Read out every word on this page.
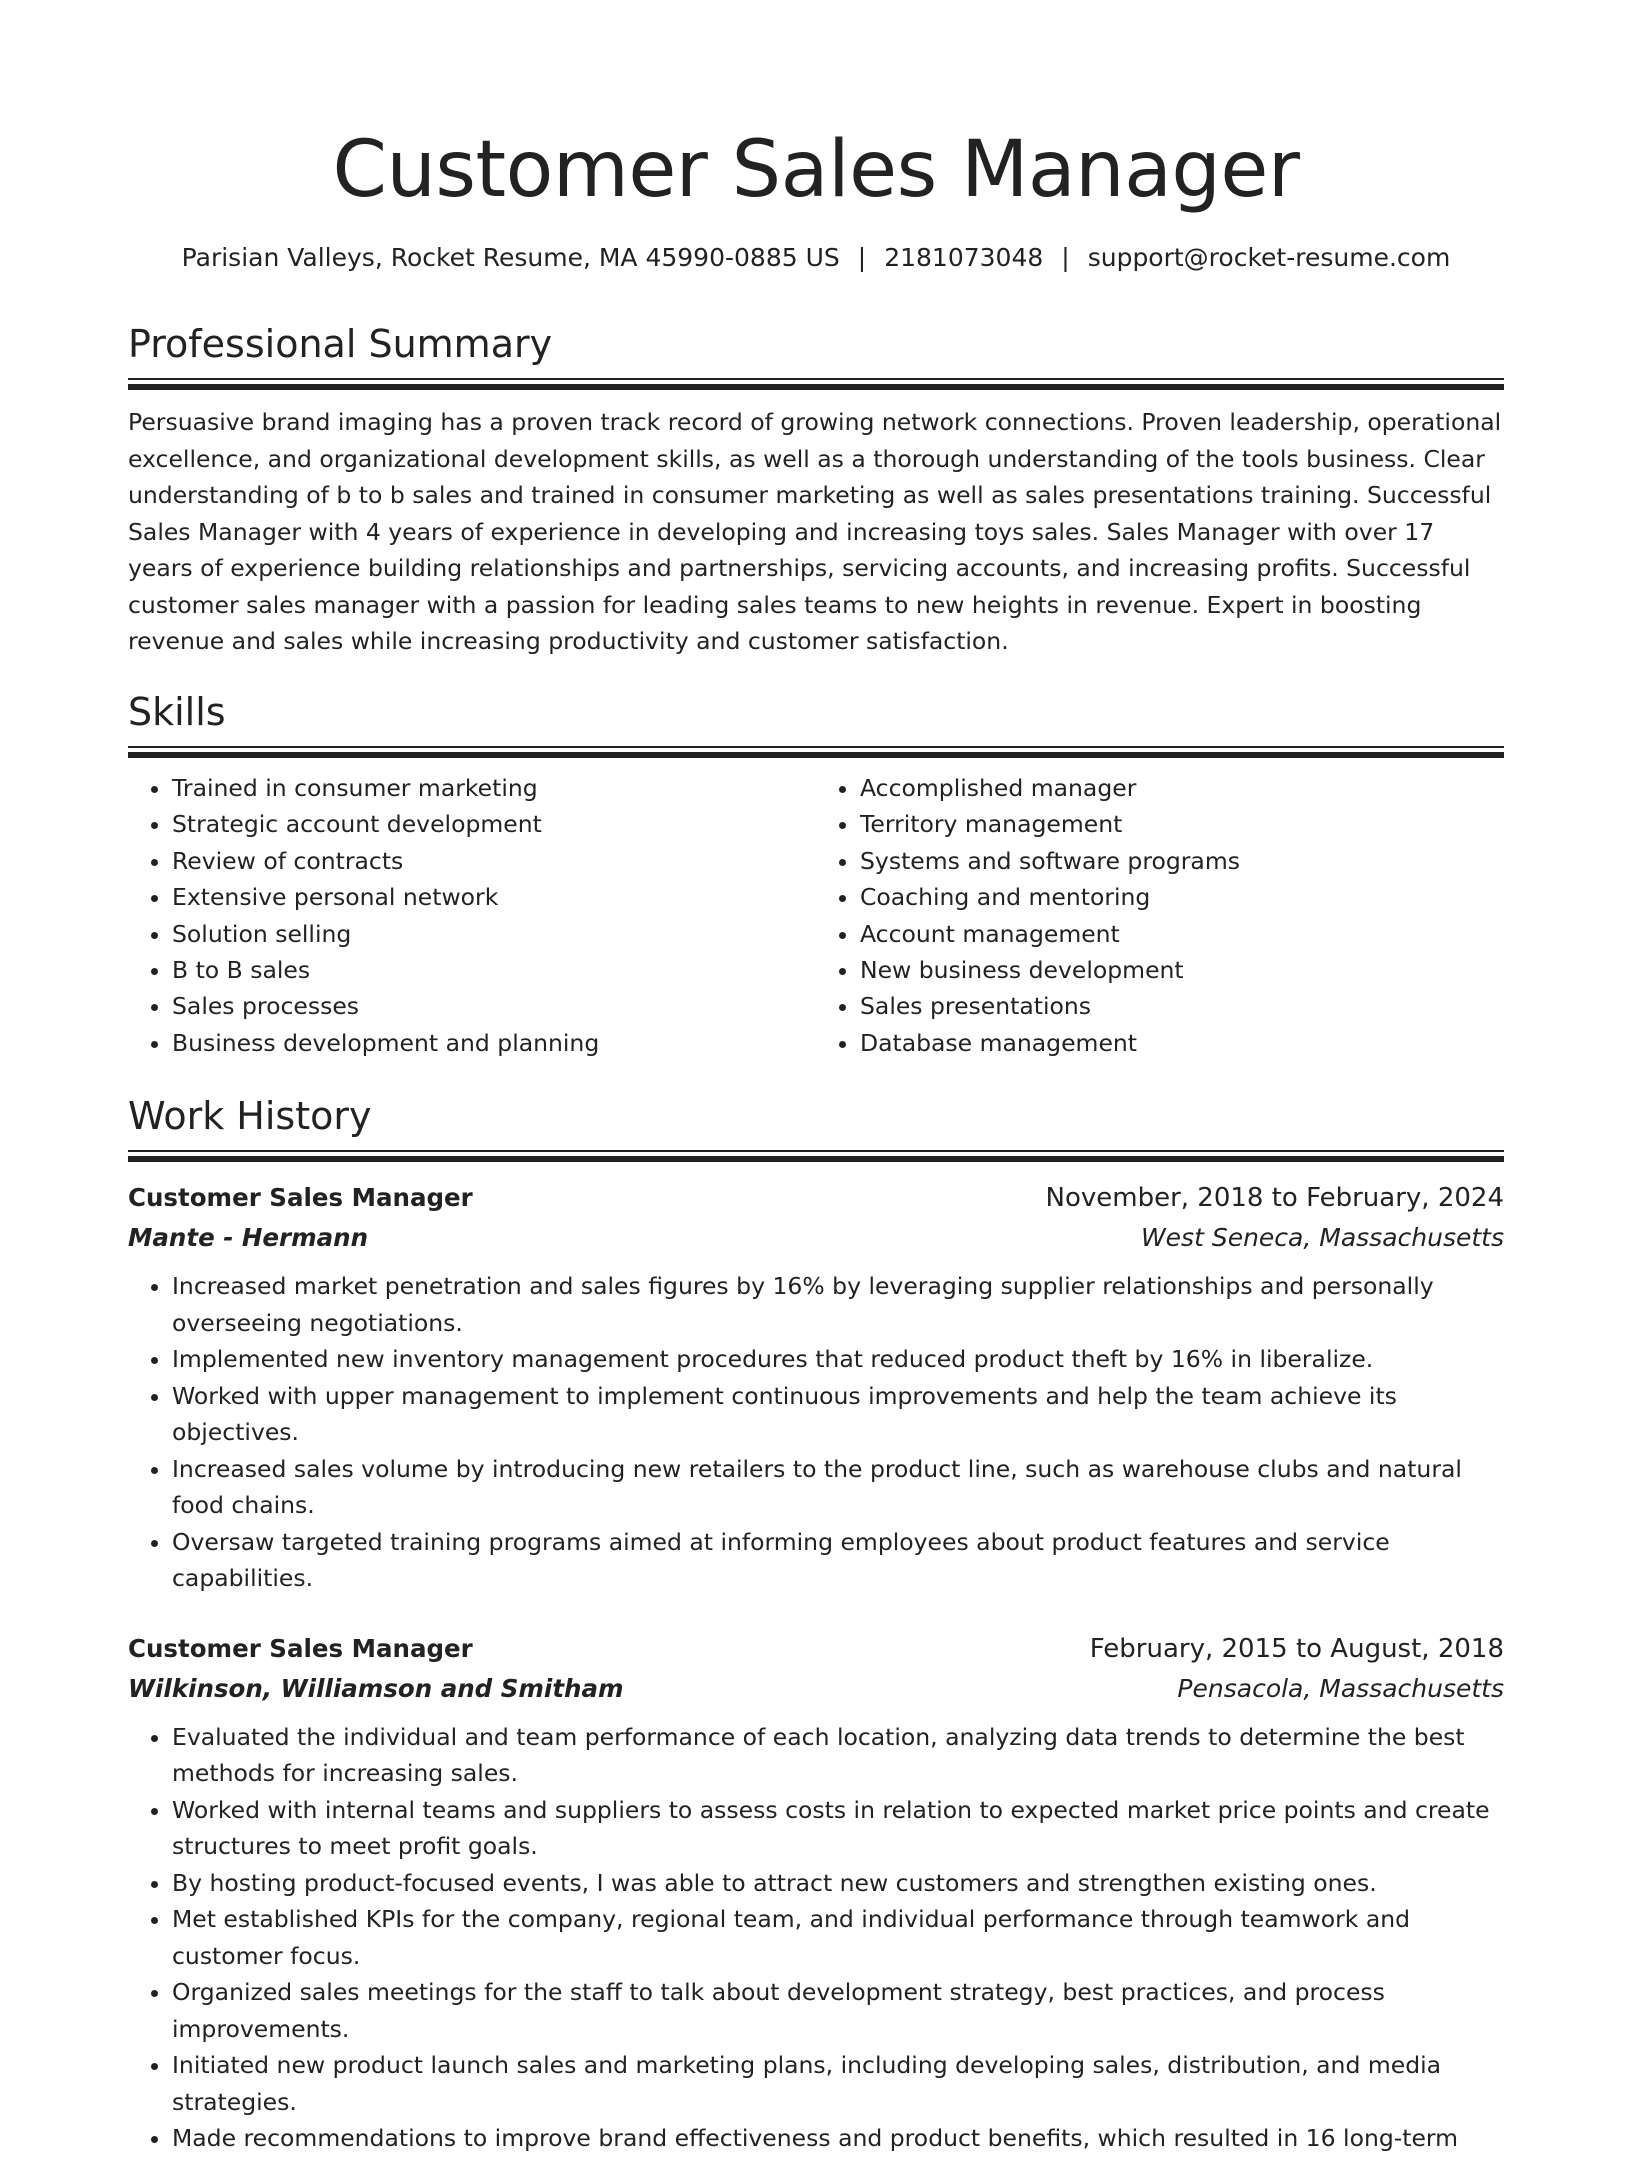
Customer Sales Manager
Parisian Valleys, Rocket Resume, MA 45990-0885 US | 2181073048 | support@rocket-resume.com
Professional Summary

Persuasive brand imaging has a proven track record of growing network connections. Proven leadership, operational excellence, and organizational development skills, as well as a thorough understanding of the tools business. Clear understanding of b to b sales and trained in consumer marketing as well as sales presentations training. Successful Sales Manager with 4 years of experience in developing and increasing toys sales. Sales Manager with over 17 years of experience building relationships and partnerships, servicing accounts, and increasing profits. Successful customer sales manager with a passion for leading sales teams to new heights in revenue. Expert in boosting revenue and sales while increasing productivity and customer satisfaction.

Skills
• Trained in consumer marketing
• Strategic account development
• Review of contracts
• Extensive personal network
• Solution selling
• B to B sales
• Sales processes
• Business development and planning
• Accomplished manager
• Territory management
• Systems and software programs
• Coaching and mentoring
• Account management
• New business development
• Sales presentations
• Database management
Work History
Customer Sales Manager	November, 2018 to February, 2024
Mante - Hermann	West Seneca, Massachusetts
• Increased market penetration and sales figures by 16% by leveraging supplier relationships and personally overseeing negotiations.
• Implemented new inventory management procedures that reduced product theft by 16% in liberalize.
• Worked with upper management to implement continuous improvements and help the team achieve its objectives.
• Increased sales volume by introducing new retailers to the product line, such as warehouse clubs and natural food chains.
• Oversaw targeted training programs aimed at informing employees about product features and service capabilities.
Customer Sales Manager	February, 2015 to August, 2018
Wilkinson, Williamson and Smitham	Pensacola, Massachusetts
• Evaluated the individual and team performance of each location, analyzing data trends to determine the best methods for increasing sales.
• Worked with internal teams and suppliers to assess costs in relation to expected market price points and create structures to meet profit goals.
• By hosting product-focused events, I was able to attract new customers and strengthen existing ones.
• Met established KPIs for the company, regional team, and individual performance through teamwork and customer focus.
• Organized sales meetings for the staff to talk about development strategy, best practices, and process improvements.
• Initiated new product launch sales and marketing plans, including developing sales, distribution, and media strategies.
• Made recommendations to improve brand effectiveness and product benefits, which resulted in 16 long-term
